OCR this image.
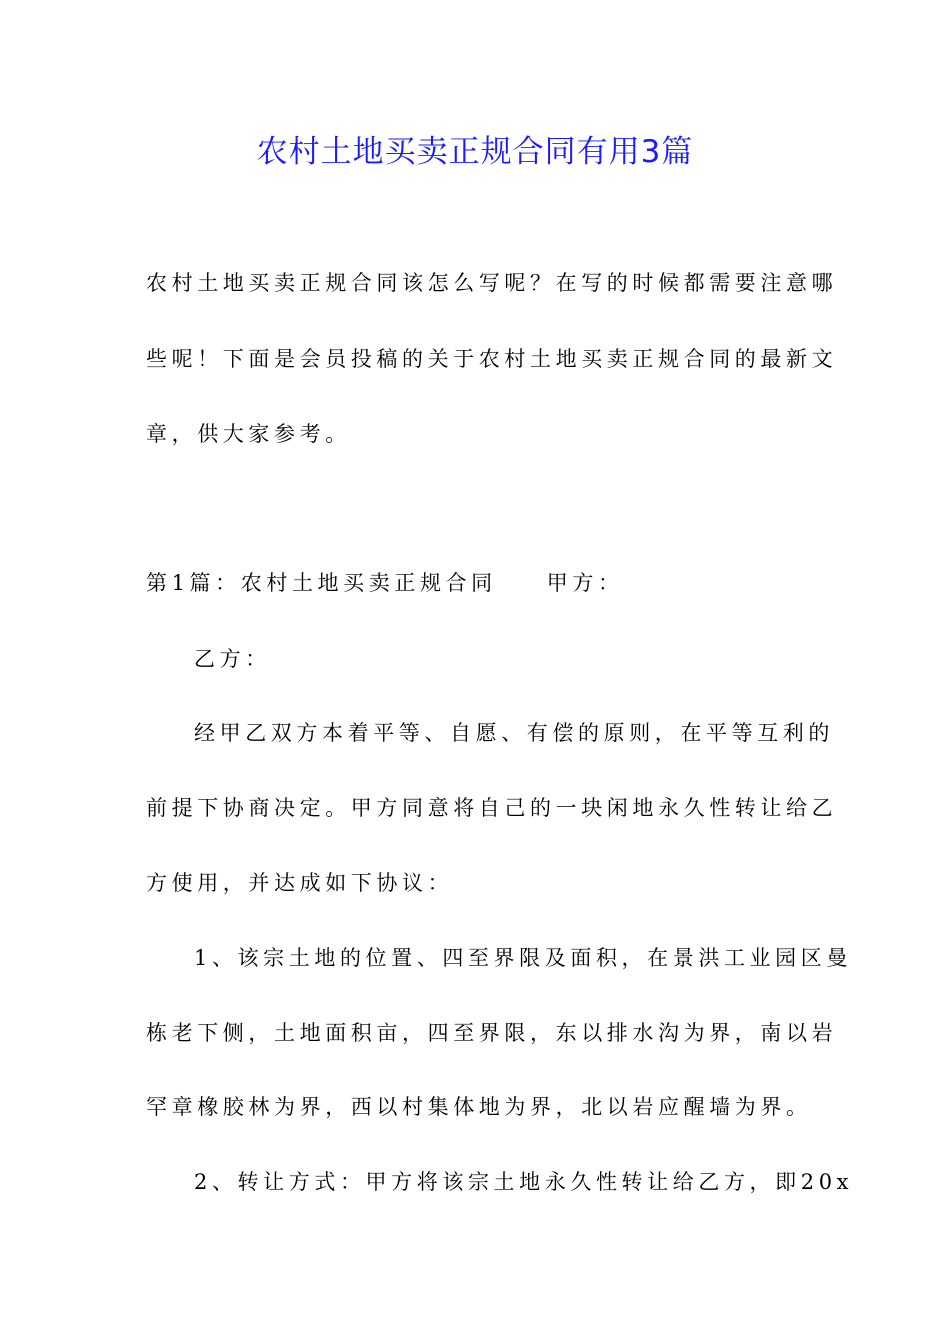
农村土地买卖正规合同有用3篇
农村土地买卖正规合同该怎么写呢？在写的时候都需要注意哪
些呢！下面是会员投稿的关于农村土地买卖正规合同的最新文
章，供大家参考。
第1篇：农村土地买卖正规合同 甲方：
乙方：
经甲乙双方本着平等、自愿、有偿的原则，在平等互利的
前提下协商决定。甲方同意将自己的一块闲地永久性转让给乙
方使用，并达成如下协议：
1、该宗土地的位置、四至界限及面积，在景洪工业园区曼
栋老下侧，土地面积亩，四至界限，东以排水沟为界，南以岩
罕章橡胶林为界，西以村集体地为界，北以岩应醒墙为界。
2、转让方式：甲方将该宗土地永久性转让给乙方，即20x
